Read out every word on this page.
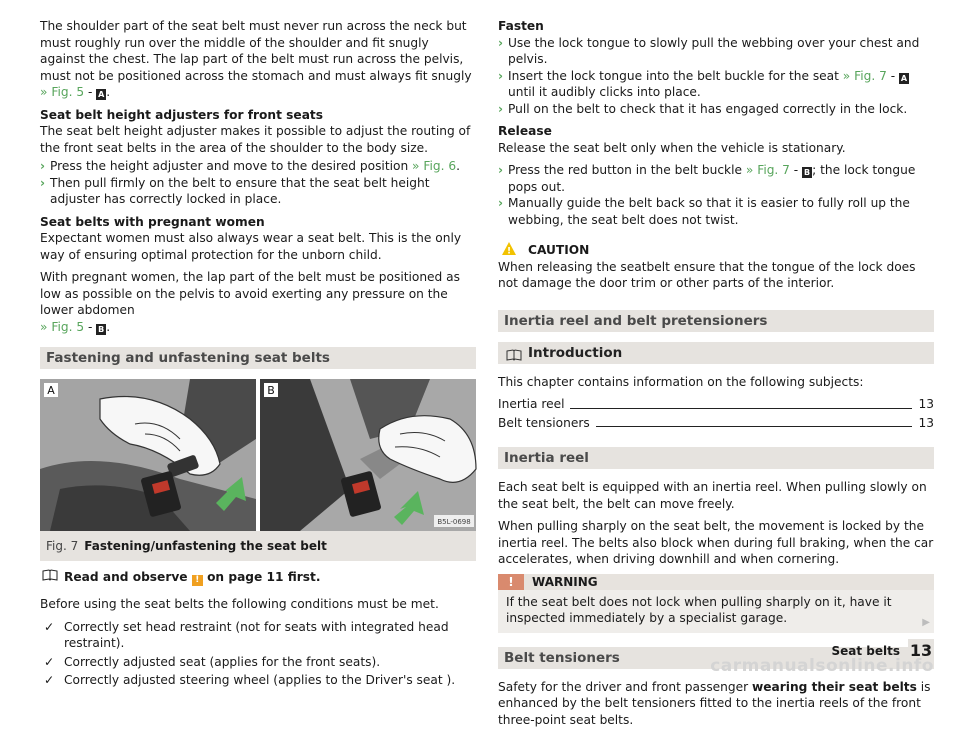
The shoulder part of the seat belt must never run across the neck but must roughly run over the middle of the shoulder and fit snugly against the chest. The lap part of the belt must run across the pelvis, must not be positioned across the stomach and must always fit snugly » Fig. 5 - A .

Seat belt height adjusters for front seats
The seat belt height adjuster makes it possible to adjust the routing of the front seat belts in the area of the shoulder to the body size.

› Press the height adjuster and move to the desired position » Fig. 6.
› Then pull firmly on the belt to ensure that the seat belt height adjuster has correctly locked in place.

Seat belts with pregnant women
Expectant women must also always wear a seat belt. This is the only way of ensuring optimal protection for the unborn child.

With pregnant women, the lap part of the belt must be positioned as low as possible on the pelvis to avoid exerting any pressure on the lower abdomen
» Fig. 5 - B .

Fastening and unfastening seat belts
A	B
B5L-0698
Fig. 7 Fastening/unfastening the seat belt
Read and observe ! on page 11 first.

Before using the seat belts the following conditions must be met.

✓ Correctly set head restraint (not for seats with integrated head restraint).
✓ Correctly adjusted seat (applies for the front seats).
✓ Correctly adjusted steering wheel (applies to the Driver's seat ).
Fasten
› Use the lock tongue to slowly pull the webbing over your chest and pelvis.
› Insert the lock tongue into the belt buckle for the seat » Fig. 7 - A until it audibly clicks into place.
› Pull on the belt to check that it has engaged correctly in the lock.
Release

Release the seat belt only when the vehicle is stationary.

› Press the red button in the belt buckle » Fig. 7 - B ; the lock tongue pops out.
› Manually guide the belt back so that it is easier to fully roll up the webbing, the seat belt does not twist.
! CAUTION

When releasing the seatbelt ensure that the tongue of the lock does not damage the door trim or other parts of the interior.

Inertia reel and belt pretensioners
Introduction

This chapter contains information on the following subjects:

Inertia reel	13
Belt tensioners	13
Inertia reel

Each seat belt is equipped with an inertia reel. When pulling slowly on the seat belt, the belt can move freely.

When pulling sharply on the seat belt, the movement is locked by the inertia reel. The belts also block when during full braking, when the car accelerates, when driving downhill and when cornering.

!	WARNING

If the seat belt does not lock when pulling sharply on it, have it inspected immediately by a specialist garage.

Belt tensioners

Safety for the driver and front passenger wearing their seat belts is enhanced by the belt tensioners fitted to the inertia reels of the front three-point seat belts.

▶
Seat belts 13
carmanualsonline.info
